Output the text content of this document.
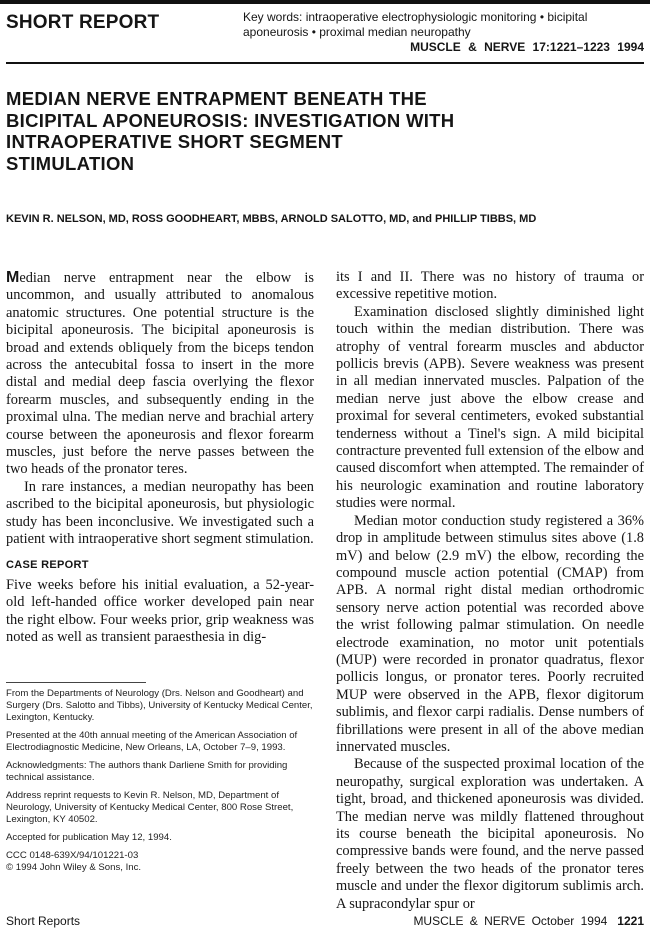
SHORT REPORT	Key words: intraoperative electrophysiologic monitoring • bicipital aponeurosis • proximal median neuropathy
MUSCLE & NERVE 17:1221–1223 1994
MEDIAN NERVE ENTRAPMENT BENEATH THE BICIPITAL APONEUROSIS: INVESTIGATION WITH INTRAOPERATIVE SHORT SEGMENT STIMULATION
KEVIN R. NELSON, MD, ROSS GOODHEART, MBBS, ARNOLD SALOTTO, MD, and PHILLIP TIBBS, MD

Median nerve entrapment near the elbow is uncommon, and usually attributed to anomalous anatomic structures. One potential structure is the bicipital aponeurosis. The bicipital aponeurosis is broad and extends obliquely from the biceps tendon across the antecubital fossa to insert in the more distal and medial deep fascia overlying the flexor forearm muscles, and subsequently ending in the proximal ulna. The median nerve and brachial artery course between the aponeurosis and flexor forearm muscles, just before the nerve passes between the two heads of the pronator teres.

In rare instances, a median neuropathy has been ascribed to the bicipital aponeurosis, but physiologic study has been inconclusive. We investigated such a patient with intraoperative short segment stimulation.

CASE REPORT

Five weeks before his initial evaluation, a 52-year-old left-handed office worker developed pain near the right elbow. Four weeks prior, grip weakness was noted as well as transient paraesthesia in dig-

From the Departments of Neurology (Drs. Nelson and Goodheart) and Surgery (Drs. Salotto and Tibbs), University of Kentucky Medical Center, Lexington, Kentucky.

Presented at the 40th annual meeting of the American Association of Electrodiagnostic Medicine, New Orleans, LA, October 7–9, 1993.

Acknowledgments: The authors thank Darliene Smith for providing technical assistance.

Address reprint requests to Kevin R. Nelson, MD, Department of Neurology, University of Kentucky Medical Center, 800 Rose Street, Lexington, KY 40502.

Accepted for publication May 12, 1994.

CCC 0148-639X/94/101221-03

© 1994 John Wiley & Sons, Inc.

its I and II. There was no history of trauma or excessive repetitive motion.

Examination disclosed slightly diminished light touch within the median distribution. There was atrophy of ventral forearm muscles and abductor pollicis brevis (APB). Severe weakness was present in all median innervated muscles. Palpation of the median nerve just above the elbow crease and proximal for several centimeters, evoked substantial tenderness without a Tinel's sign. A mild bicipital contracture prevented full extension of the elbow and caused discomfort when attempted. The remainder of his neurologic examination and routine laboratory studies were normal.

Median motor conduction study registered a 36% drop in amplitude between stimulus sites above (1.8 mV) and below (2.9 mV) the elbow, recording the compound muscle action potential (CMAP) from APB. A normal right distal median orthodromic sensory nerve action potential was recorded above the wrist following palmar stimulation. On needle electrode examination, no motor unit potentials (MUP) were recorded in pronator quadratus, flexor pollicis longus, or pronator teres. Poorly recruited MUP were observed in the APB, flexor digitorum sublimis, and flexor carpi radialis. Dense numbers of fibrillations were present in all of the above median innervated muscles.

Because of the suspected proximal location of the neuropathy, surgical exploration was undertaken. A tight, broad, and thickened aponeurosis was divided. The median nerve was mildly flattened throughout its course beneath the bicipital aponeurosis. No compressive bands were found, and the nerve passed freely between the two heads of the pronator teres muscle and under the flexor digitorum sublimis arch. A supracondylar spur or

Short Reports	MUSCLE & NERVE October 1994 1221
